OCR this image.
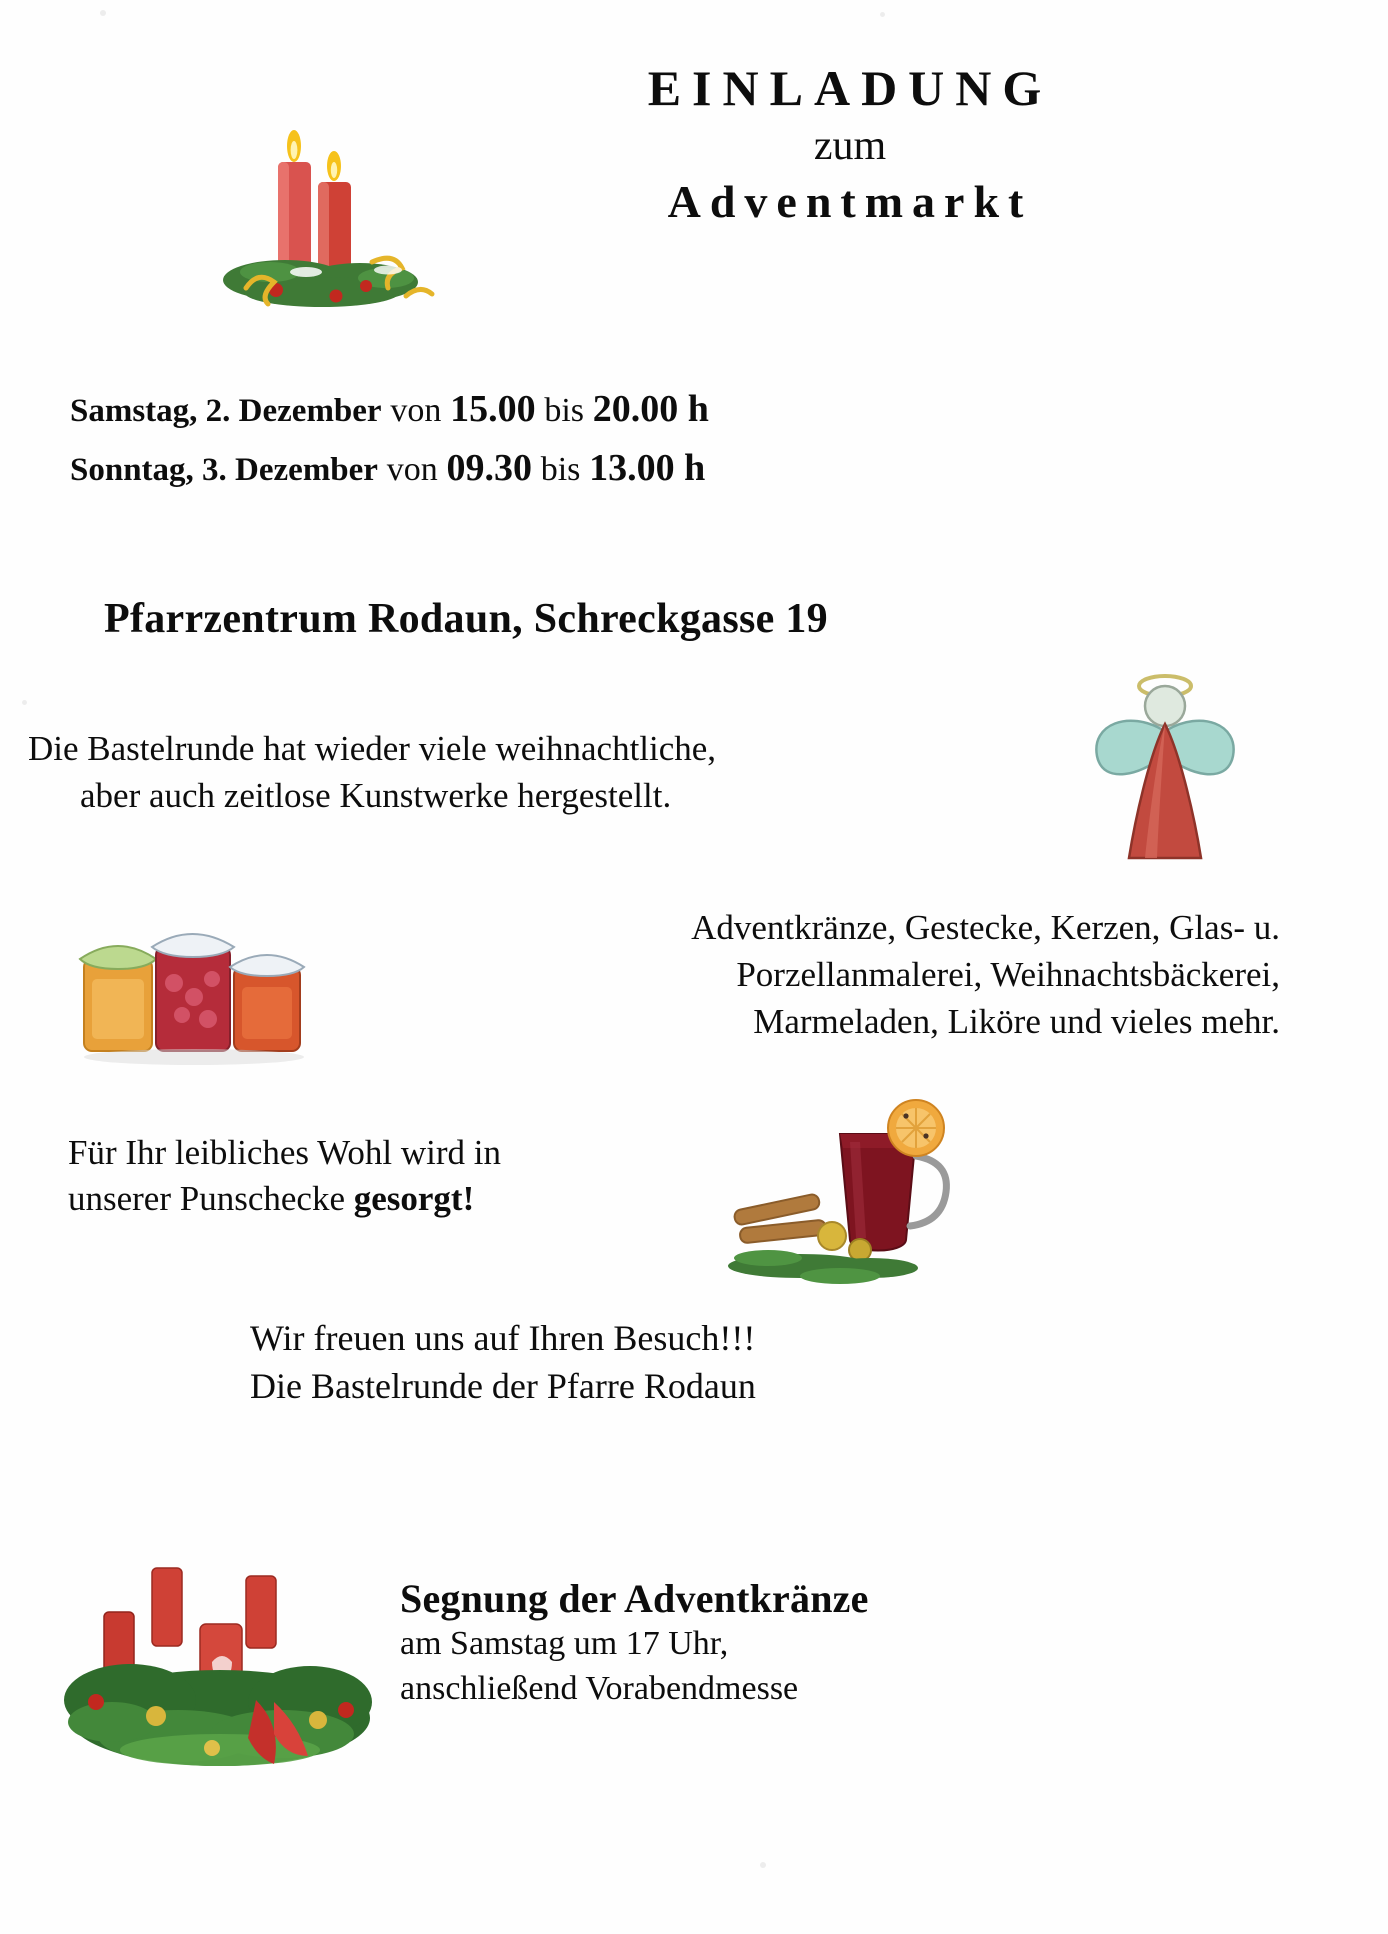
EINLADUNG
zum
Adventmarkt
Samstag, 2. Dezember von 15.00 bis 20.00 h
Sonntag, 3. Dezember von 09.30 bis 13.00 h
Pfarrzentrum Rodaun, Schreckgasse 19
Die Bastelrunde hat wieder viele weihnachtliche,
aber auch zeitlose Kunstwerke hergestellt.
Adventkränze, Gestecke, Kerzen, Glas- u.
Porzellanmalerei, Weihnachtsbäckerei,
Marmeladen, Liköre und vieles mehr.
Für Ihr leibliches Wohl wird in
unserer Punschecke gesorgt!
Wir freuen uns auf Ihren Besuch!!!
Die Bastelrunde der Pfarre Rodaun
Segnung der Adventkränze
am Samstag um 17 Uhr,
anschließend Vorabendmesse
